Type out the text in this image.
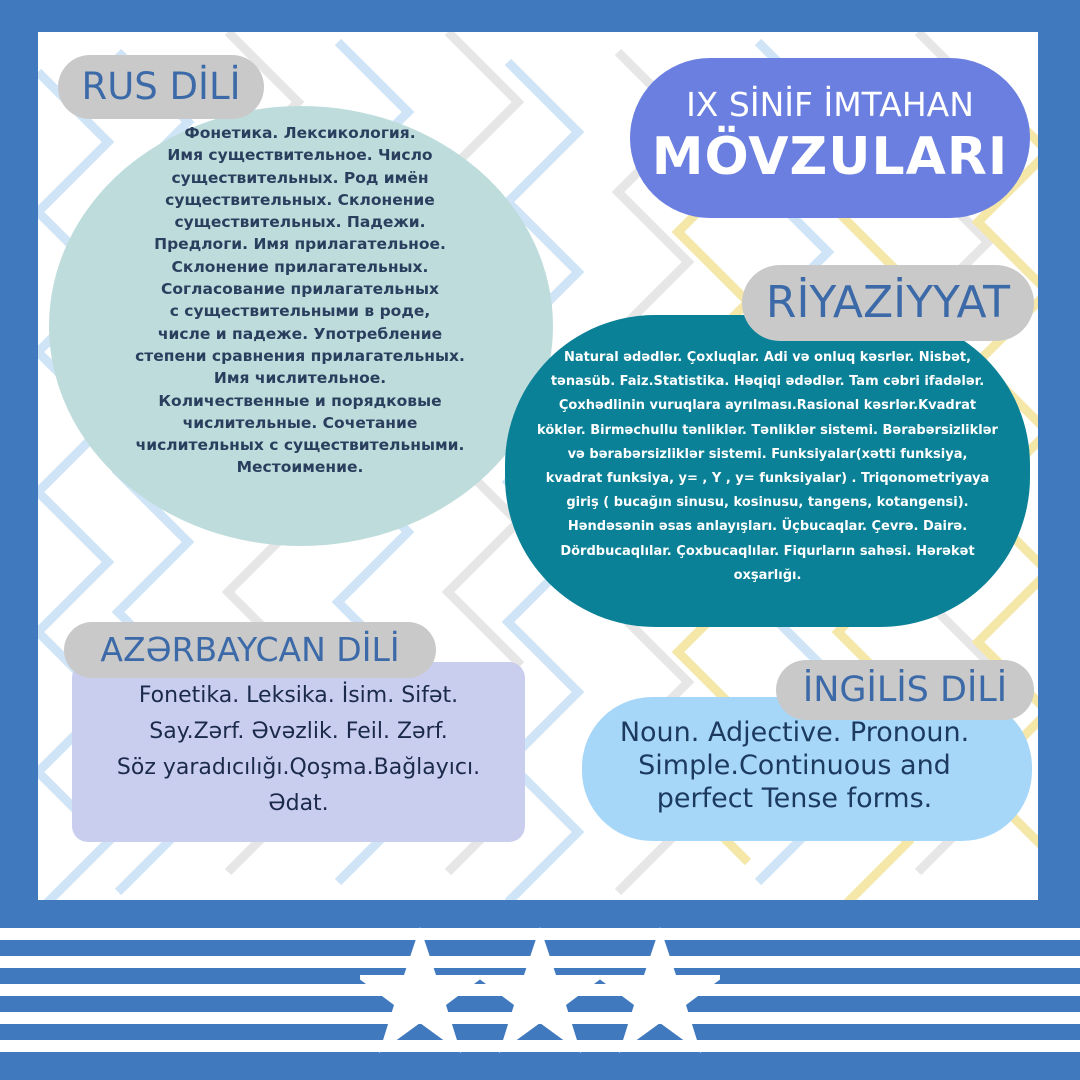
RUS DİLİ
Фонетика. Лексикология.
Имя существительное. Число
существительных. Род имён
существительных. Склонение
существительных. Падежи.
Предлоги. Имя прилагательное.
Склонение прилагательных.
Согласование прилагательных
с существительными в роде,
числе и падеже. Употребление
степени сравнения прилагательных.
Имя числительное.
Количественные и порядковые
числительные. Сочетание
числительных с существительными.
Местоимение.
IX SİNİF İMTAHAN
MÖVZULARI
RİYAZİYYAT
Natural ədədlər. Çoxluqlar. Adi və onluq kəsrlər. Nisbət,
tənasüb. Faiz.Statistika. Həqiqi ədədlər. Tam cəbri ifadələr.
Çoxhədlinin vuruqlara ayrılması.Rasional kəsrlər.Kvadrat
köklər. Birməchullu tənliklər. Tənliklər sistemi. Bərabərsizliklər
və bərabərsizliklər sistemi. Funksiyalar(xətti funksiya,
kvadrat funksiya, y= , Y , y= funksiyalar) . Triqonometriyaya
giriş ( bucağın sinusu, kosinusu, tangens, kotangensi).
Həndəsənin əsas anlayışları. Üçbucaqlar. Çevrə. Dairə.
Dördbucaqlılar. Çoxbucaqlılar. Fiqurların sahəsi. Hərəkət
oxşarlığı.
AZƏRBAYCAN DİLİ
Fonetika. Leksika. İsim. Sifət.
Say.Zərf. Əvəzlik. Feil. Zərf.
Söz yaradıcılığı.Qoşma.Bağlayıcı.
Ədat.
İNGİLİS DİLİ
Noun. Adjective. Pronoun.
Simple.Continuous and
perfect Tense forms.
